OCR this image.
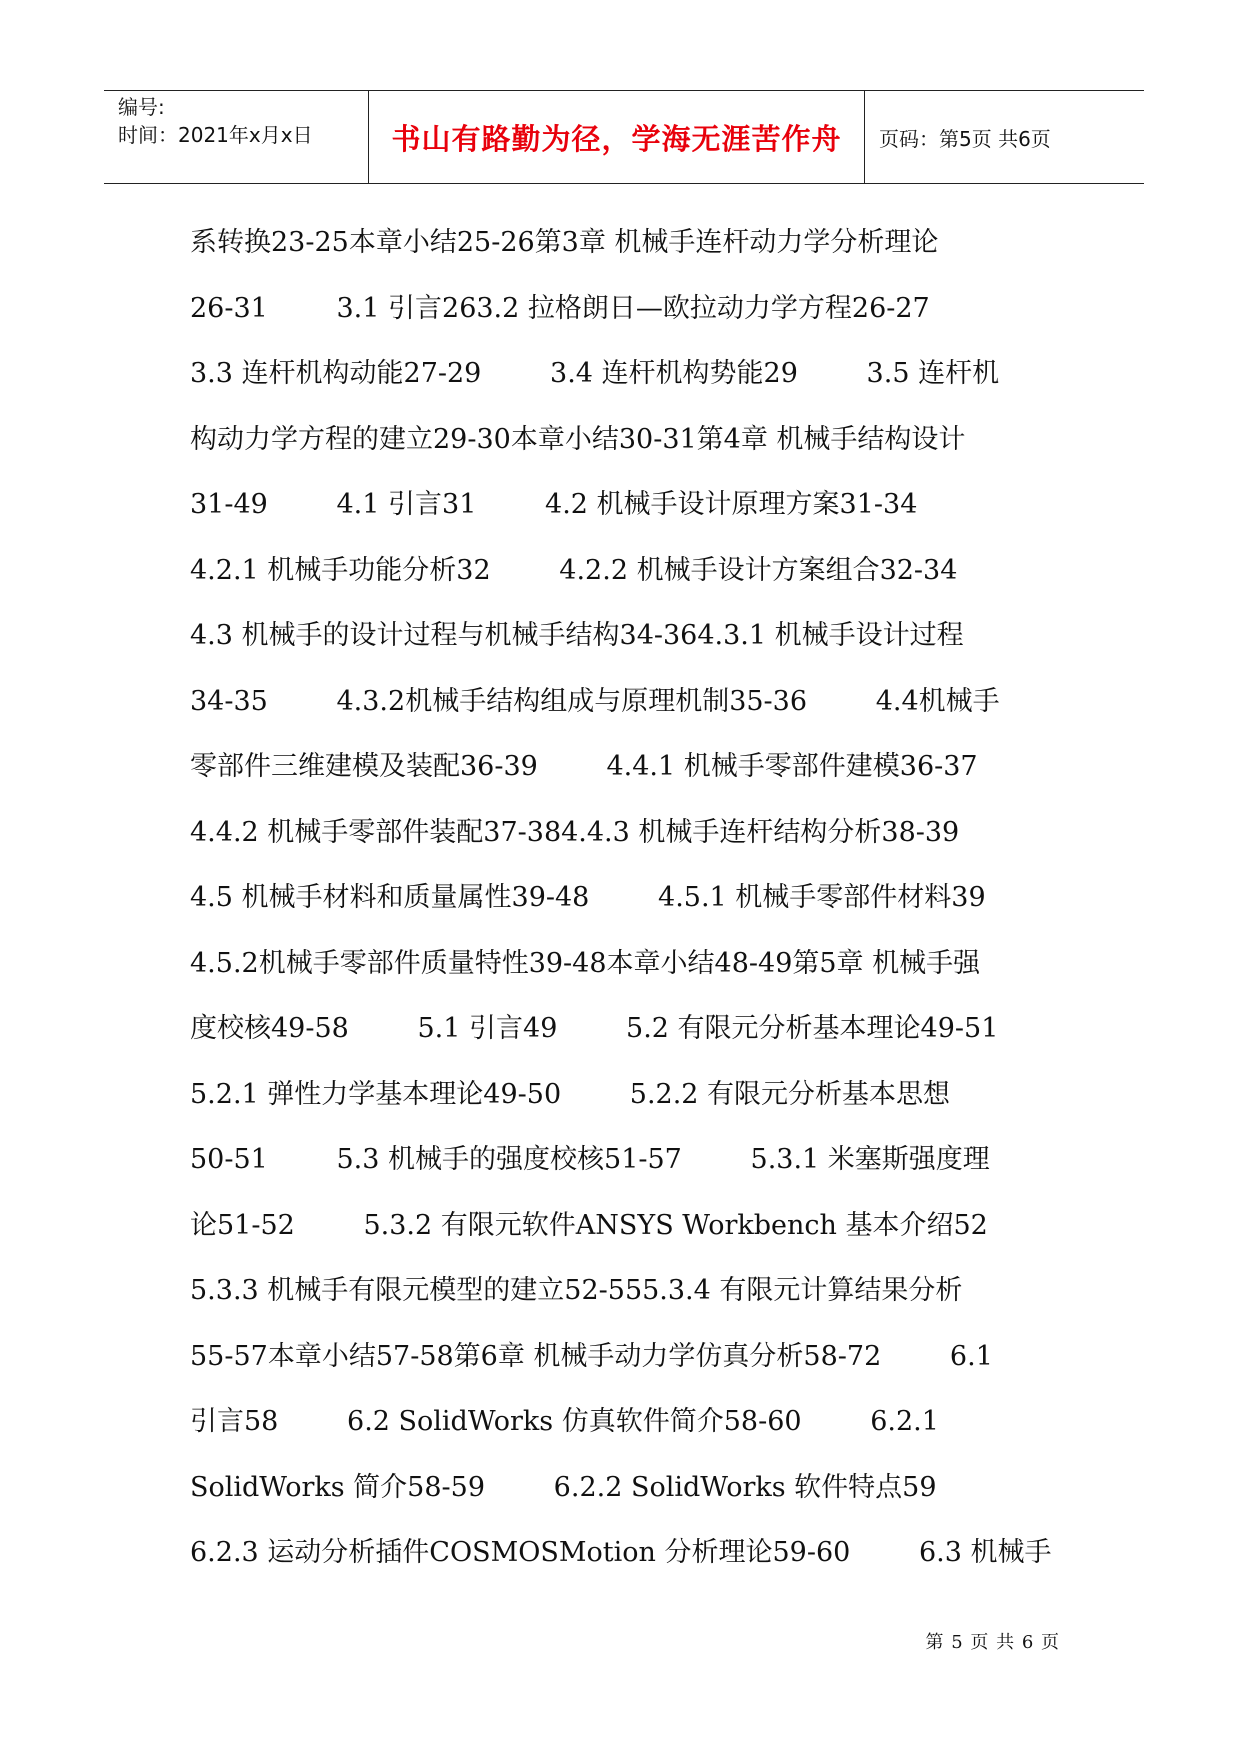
编号:
时间：2021年x月x日	书山有路勤为径，学海无涯苦作舟 页码：第5页 共6页
系转换23-25本章小结25-26第3章 机械手连杆动力学分析理论
26-31        3.1 引言263.2 拉格朗日—欧拉动力学方程26-27
3.3 连杆机构动能27-29        3.4 连杆机构势能29        3.5 连杆机
构动力学方程的建立29-30本章小结30-31第4章 机械手结构设计
31-49        4.1 引言31        4.2 机械手设计原理方案31-34
4.2.1 机械手功能分析32        4.2.2 机械手设计方案组合32-34
4.3 机械手的设计过程与机械手结构34-364.3.1 机械手设计过程
34-35        4.3.2机械手结构组成与原理机制35-36        4.4机械手
零部件三维建模及装配36-39        4.4.1 机械手零部件建模36-37
4.4.2 机械手零部件装配37-384.4.3 机械手连杆结构分析38-39
4.5 机械手材料和质量属性39-48        4.5.1 机械手零部件材料39
4.5.2机械手零部件质量特性39-48本章小结48-49第5章 机械手强
度校核49-58        5.1 引言49        5.2 有限元分析基本理论49-51
5.2.1 弹性力学基本理论49-50        5.2.2 有限元分析基本思想
50-51        5.3 机械手的强度校核51-57        5.3.1 米塞斯强度理
论51-52        5.3.2 有限元软件ANSYS Workbench 基本介绍52
5.3.3 机械手有限元模型的建立52-555.3.4 有限元计算结果分析
55-57本章小结57-58第6章 机械手动力学仿真分析58-72        6.1
引言58        6.2 SolidWorks 仿真软件简介58-60        6.2.1
SolidWorks 简介58-59        6.2.2 SolidWorks 软件特点59
6.2.3 运动分析插件COSMOSMotion 分析理论59-60        6.3 机械手
第 5 页 共 6 页
